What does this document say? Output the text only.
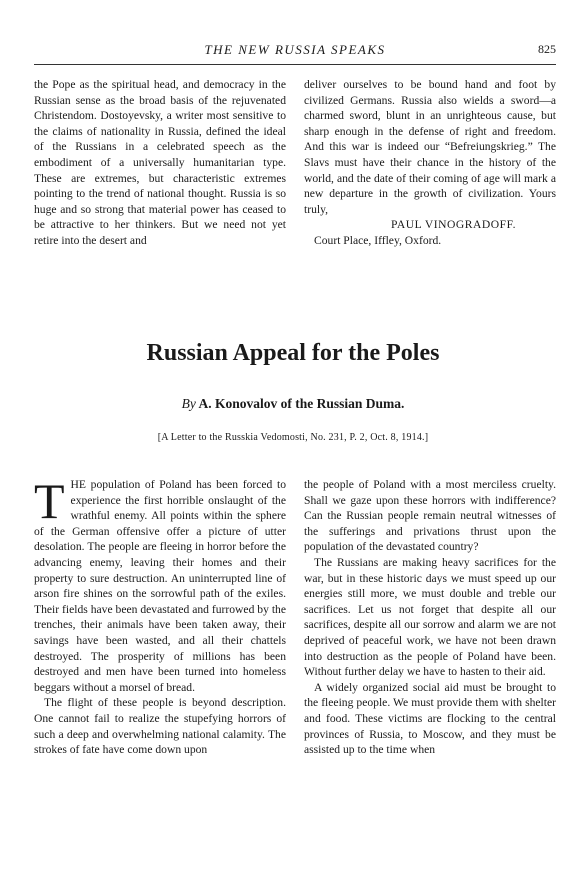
THE NEW RUSSIA SPEAKS	825

the Pope as the spiritual head, and democracy in the Russian sense as the broad basis of the rejuvenated Christendom. Dostoyevsky, a writer most sensitive to the claims of nationality in Russia, defined the ideal of the Russians in a celebrated speech as the embodiment of a universally humanitarian type. These are extremes, but characteristic extremes pointing to the trend of national thought. Russia is so huge and so strong that material power has ceased to be attractive to her thinkers. But we need not yet retire into the desert and

deliver ourselves to be bound hand and foot by civilized Germans. Russia also wields a sword—a charmed sword, blunt in an unrighteous cause, but sharp enough in the defense of right and freedom. And this war is indeed our “Befreiungskrieg.” The Slavs must have their chance in the history of the world, and the date of their coming of age will mark a new departure in the growth of civilization. Yours truly,

PAUL VINOGRADOFF.

Court Place, Iffley, Oxford.

Russian Appeal for the Poles
By A. Konovalov of the Russian Duma.
[A Letter to the Russkia Vedomosti, No. 231, P. 2, Oct. 8, 1914.]

THE population of Poland has been forced to experience the first horrible onslaught of the wrathful enemy. All points within the sphere of the German offensive offer a picture of utter desolation. The people are fleeing in horror before the advancing enemy, leaving their homes and their property to sure destruction. An uninterrupted line of arson fire shines on the sorrowful path of the exiles. Their fields have been devastated and furrowed by the trenches, their animals have been taken away, their savings have been wasted, and all their chattels destroyed. The prosperity of millions has been destroyed and men have been turned into homeless beggars without a morsel of bread.

The flight of these people is beyond description. One cannot fail to realize the stupefying horrors of such a deep and overwhelming national calamity. The strokes of fate have come down upon

the people of Poland with a most merciless cruelty. Shall we gaze upon these horrors with indifference? Can the Russian people remain neutral witnesses of the sufferings and privations thrust upon the population of the devastated country?

The Russians are making heavy sacrifices for the war, but in these historic days we must speed up our energies still more, we must double and treble our sacrifices. Let us not forget that despite all our sacrifices, despite all our sorrow and alarm we are not deprived of peaceful work, we have not been drawn into destruction as the people of Poland have been. Without further delay we have to hasten to their aid.

A widely organized social aid must be brought to the fleeing people. We must provide them with shelter and food. These victims are flocking to the central provinces of Russia, to Moscow, and they must be assisted up to the time when
